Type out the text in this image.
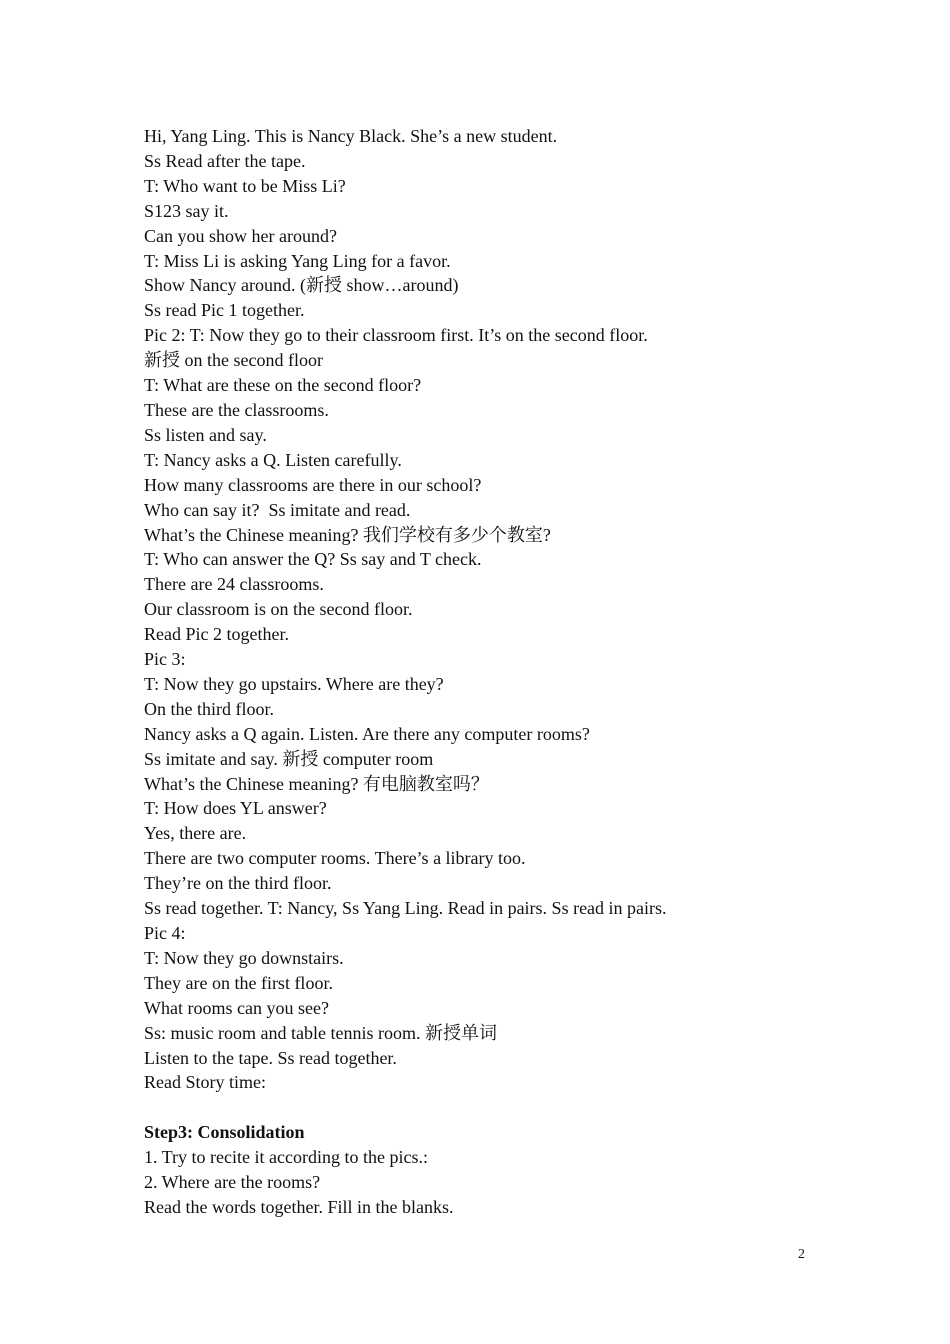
Hi, Yang Ling. This is Nancy Black. She’s a new student.

Ss Read after the tape.

T: Who want to be Miss Li?

S123 say it.

Can you show her around?

T: Miss Li is asking Yang Ling for a favor.

Show Nancy around. (新授 show…around)

Ss read Pic 1 together.

Pic 2: T: Now they go to their classroom first. It’s on the second floor.

新授 on the second floor

T: What are these on the second floor?

These are the classrooms.

Ss listen and say.

T: Nancy asks a Q. Listen carefully.

How many classrooms are there in our school?

Who can say it?  Ss imitate and read.

What’s the Chinese meaning? 我们学校有多少个教室?

T: Who can answer the Q? Ss say and T check.

There are 24 classrooms.

Our classroom is on the second floor.

Read Pic 2 together.

Pic 3:

T: Now they go upstairs. Where are they?

On the third floor.

Nancy asks a Q again. Listen. Are there any computer rooms?

Ss imitate and say. 新授 computer room

What’s the Chinese meaning? 有电脑教室吗？

T: How does YL answer?

Yes, there are.

There are two computer rooms. There’s a library too.

They’re on the third floor.

Ss read together. T: Nancy, Ss Yang Ling. Read in pairs. Ss read in pairs.

Pic 4:

T: Now they go downstairs.

They are on the first floor.

What rooms can you see?

Ss: music room and table tennis room. 新授单词

Listen to the tape. Ss read together.

Read Story time:

Step3: Consolidation

1. Try to recite it according to the pics.:

2. Where are the rooms?

Read the words together. Fill in the blanks.

2
